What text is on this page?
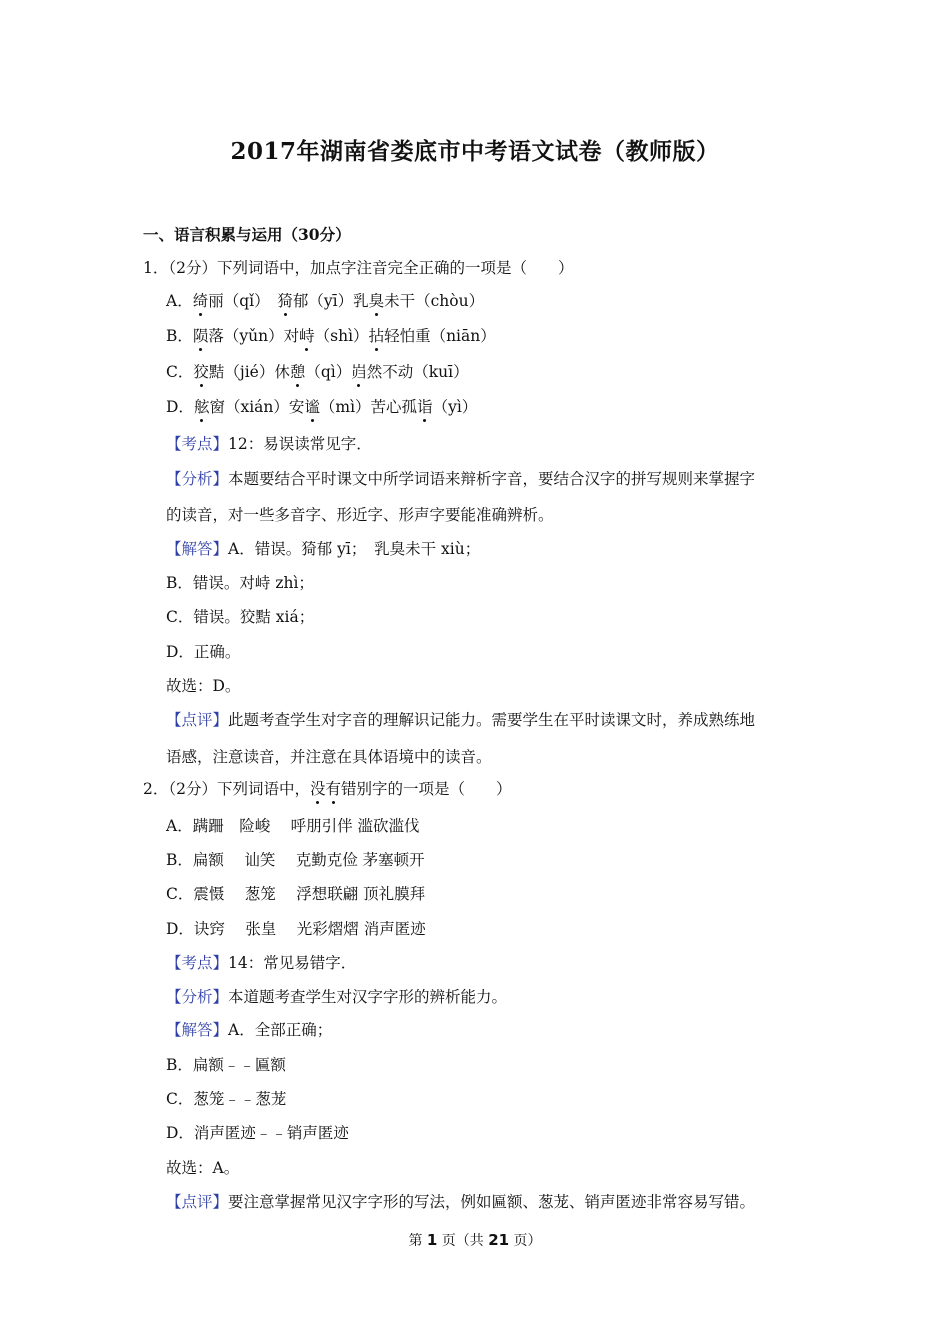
2017年湖南省娄底市中考语文试卷（教师版）
一、语言积累与运用（30分）
1．（2分）下列词语中，加点字注音完全正确的一项是（　　）
A．绮丽（qǐ）　猗郁（yī）乳臭未干（chòu）
B．陨落（yǔn）对峙（shì）拈轻怕重（niān）
C．狡黠（jié）休憩（qì）岿然不动（kuī）
D．舷窗（xián）安谧（mì）苦心孤诣（yì）
【考点】12：易误读常见字．
【分析】本题要结合平时课文中所学词语来辩析字音，要结合汉字的拼写规则来掌握字
的读音，对一些多音字、形近字、形声字要能准确辨析。
【解答】A．错误。猗郁 yī；　乳臭未干 xiù；
B．错误。对峙 zhì；
C．错误。狡黠 xiá；
D．正确。
故选：D。
【点评】此题考查学生对字音的理解识记能力。需要学生在平时读课文时，养成熟练地
语感，注意读音，并注意在具体语境中的读音。
2．（2分）下列词语中，没有错别字的一项是（　　）
A．蹒跚　险峻　 呼朋引伴 滥砍滥伐
B．扁额　 讪笑　 克勤克俭 茅塞顿开
C．震慑　 葱笼　 浮想联翩 顶礼膜拜
D．诀窍　 张皇　 光彩熠熠 消声匿迹
【考点】14：常见易错字．
【分析】本道题考查学生对汉字字形的辨析能力。
【解答】A．全部正确；
B．扁额﹣﹣匾额
C．葱笼﹣﹣葱茏
D．消声匿迹﹣﹣销声匿迹
故选：A。
【点评】要注意掌握常见汉字字形的写法，例如匾额、葱茏、销声匿迹非常容易写错。
第 1 页（共 21 页）
